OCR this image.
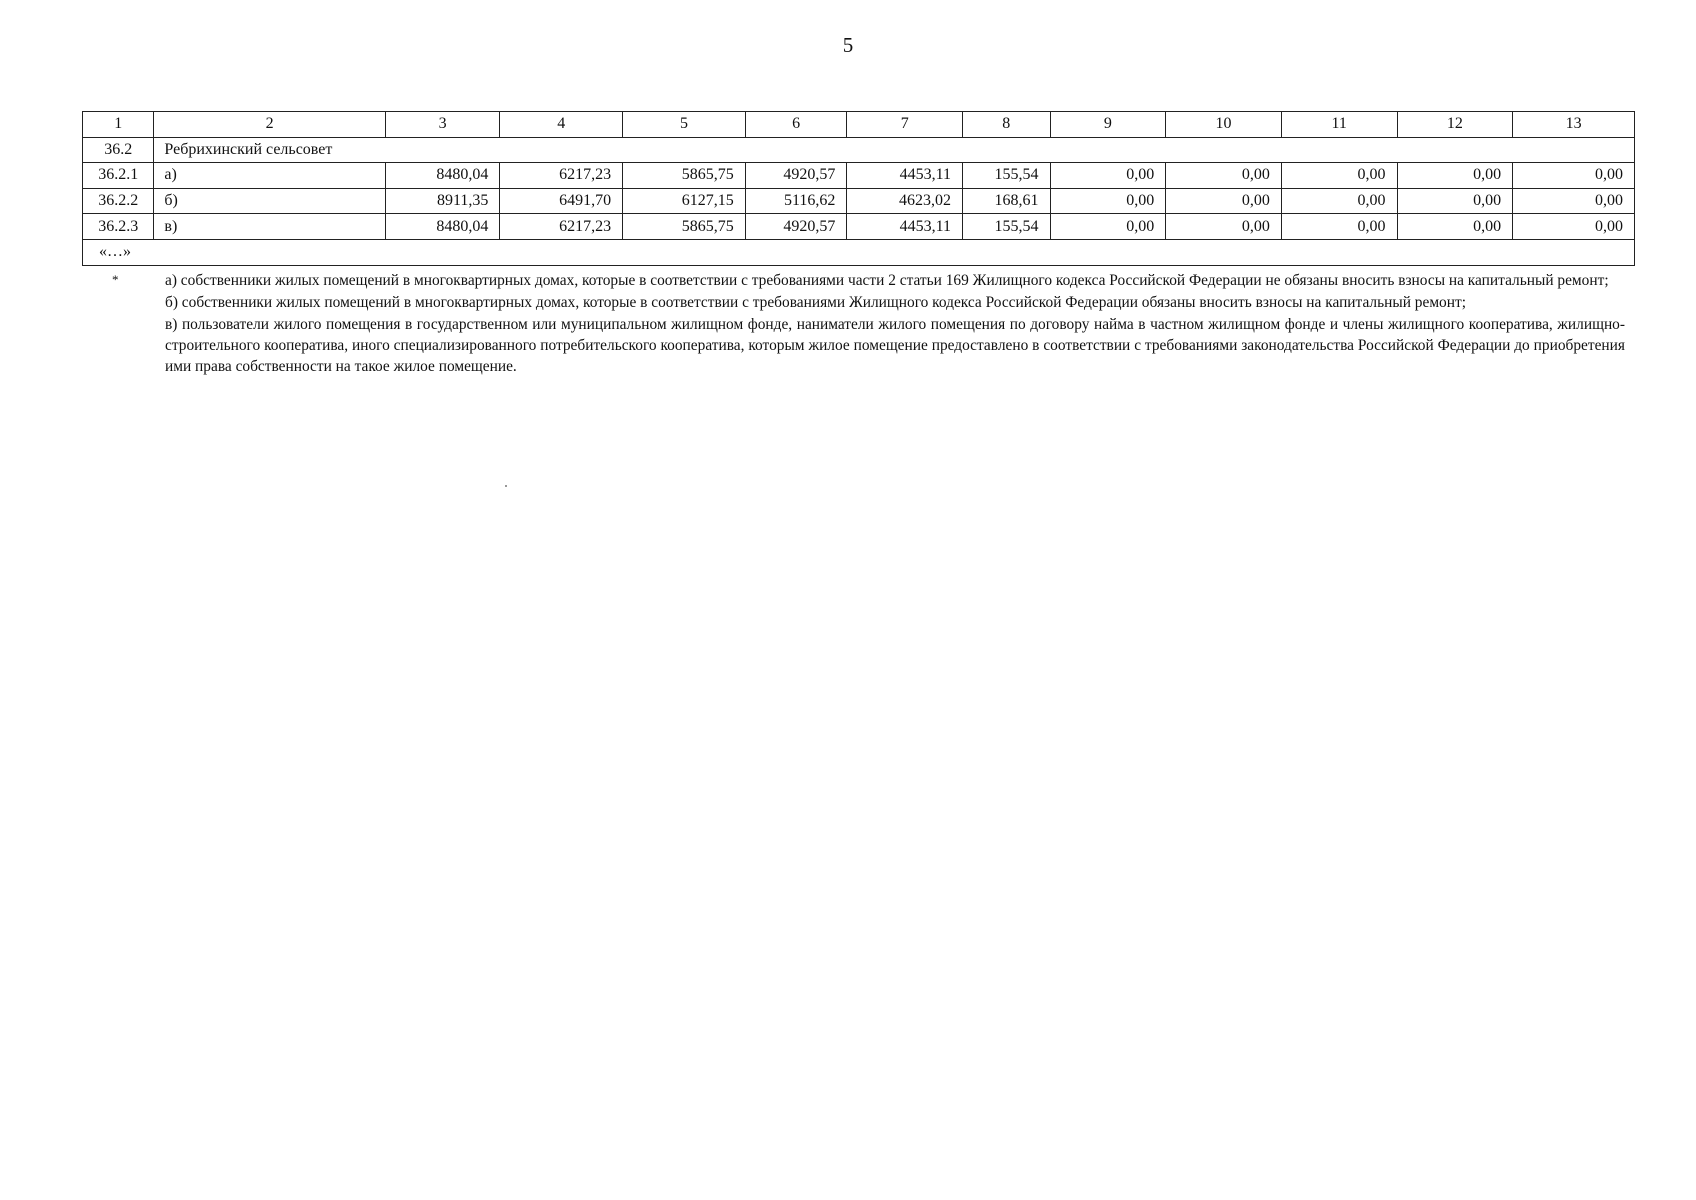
5
1	2	3	4	5	6	7	8	9	10	11	12	13
36.2	Ребрихинский сельсовет											
36.2.1	а)	8480,04	6217,23	5865,75	4920,57	4453,11	155,54	0,00	0,00	0,00	0,00	0,00
36.2.2	б)	8911,35	6491,70	6127,15	5116,62	4623,02	168,61	0,00	0,00	0,00	0,00	0,00
36.2.3	в)	8480,04	6217,23	5865,75	4920,57	4453,11	155,54	0,00	0,00	0,00	0,00	0,00
«…»												
*	а) собственники жилых помещений в многоквартирных домах, которые в соответствии с требованиями части 2 статьи 169 Жилищного кодекса Российской Федерации не обязаны вносить взносы на капитальный ремонт;

б) собственники жилых помещений в многоквартирных домах, которые в соответствии с требованиями Жилищного кодекса Российской Федерации обязаны вносить взносы на капитальный ремонт;

в) пользователи жилого помещения в государственном или муниципальном жилищном фонде, наниматели жилого помещения по договору найма в частном жилищном фонде и члены жилищного кооператива, жилищно-строительного кооператива, иного специализированного потребительского кооператива, которым жилое помещение предоставлено в соответствии с требованиями законодательства Российской Федерации до приобретения ими права собственности на такое жилое помещение.
